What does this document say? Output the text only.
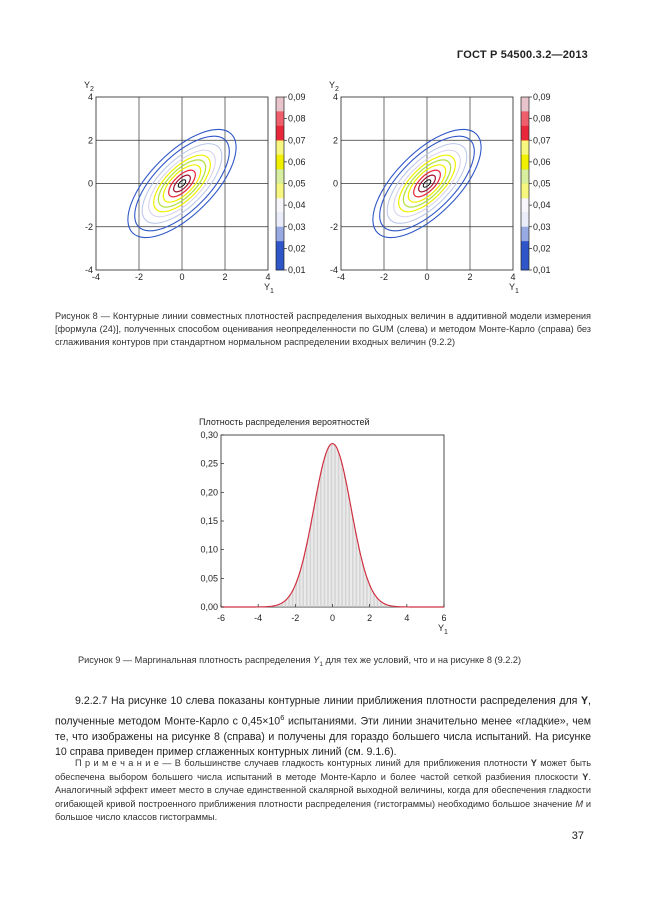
ГОСТ Р 54500.3.2—2013
-4	-2	0	2	4
4
2
0
-2
-4
$Y_2$
$Y_1$
0,09
0,08
0,07
0,06
0,05
0,04
0,03
0,02
0,01
-4	-2	0	2	4
4
2
0
-2
-4
$Y_2$
$Y_1$
0,09
0,08
0,07
0,06
0,05
0,04
0,03
0,02
0,01
Рисунок 8 — Контурные линии совместных плотностей распределения выходных величин в аддитивной модели измерения [формула (24)], полученных способом оценивания неопределенности по GUM (слева) и методом Монте-Карло (справа) без сглаживания контуров при стандартном нормальном распределении входных величин (9.2.2)
Плотность распределения вероятностей
0,30
0,25
0,20
0,15
0,10
0,05
0,00
-6	-4	-2	0	2	4	6
$Y_1$
Рисунок 9 — Маргинальная плотность распределения $Y_1$ для тех же условий, что и на рисунке 8 (9.2.2)
9.2.2.7 На рисунке 10 слева показаны контурные линии приближения плотности распределения для Y, полученные методом Монте-Карло с $0,45\times 10^6$ испытаниями. Эти линии значительно менее «гладкие», чем те, что изображены на рисунке 8 (справа) и получены для гораздо большего числа испытаний. На рисунке 10 справа приведен пример сглаженных контурных линий (см. 9.1.6).
П р и м е ч а н и е — В большинстве случаев гладкость контурных линий для приближения плотности Y может быть обеспечена выбором большего числа испытаний в методе Монте-Карло и более частой сеткой разбиения плоскости Y. Аналогичный эффект имеет место в случае единственной скалярной выходной величины, когда для обеспечения гладкости огибающей кривой построенного приближения плотности распределения (гистограммы) необходимо большое значение M и большое число классов гистограммы.
37
